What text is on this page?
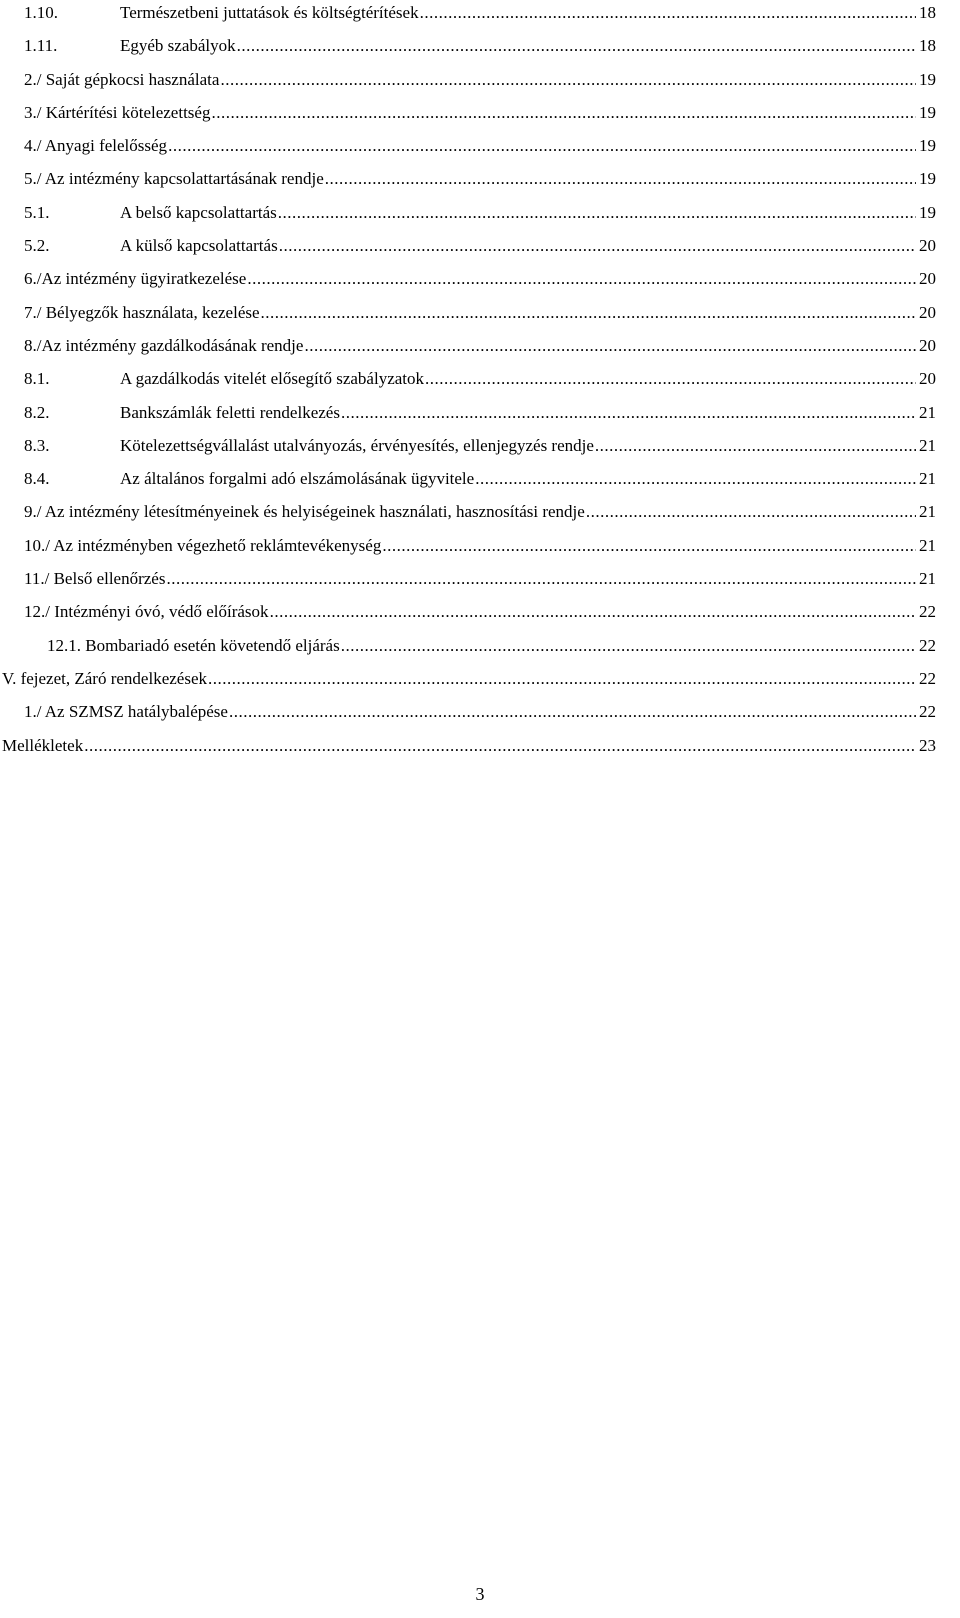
1.10.	Természetbeni juttatások és költségtérítések .....	18
1.11.	Egyéb szabályok .....	18
2./ Saját gépkocsi használata .....	19
3./ Kártérítési kötelezettség .....	19
4./ Anyagi felelősség .....	19
5./ Az intézmény kapcsolattartásának rendje .....	19
5.1.	A belső kapcsolattartás .....	19
5.2.	A külső kapcsolattartás .....	20
6./Az intézmény ügyiratkezelése .....	20
7./ Bélyegzők használata, kezelése .....	20
8./Az intézmény gazdálkodásának rendje .....	20
8.1.	A gazdálkodás vitelét elősegítő szabályzatok .....	20
8.2.	Bankszámlák feletti rendelkezés .....	21
8.3.	Kötelezettségvállalást utalványozás, érvényesítés, ellenjegyzés rendje .....	21
8.4.	Az általános forgalmi adó elszámolásának ügyvitele .....	21
9./ Az intézmény létesítményeinek és helyiségeinek használati, hasznosítási rendje .....	21
10./ Az intézményben végezhető reklámtevékenység .....	21
11./ Belső ellenőrzés .....	21
12./ Intézményi óvó, védő előírások .....	22
12.1. Bombariadó esetén követendő eljárás .....	22
V. fejezet, Záró rendelkezések .....	22
1./ Az SZMSZ hatálybalépése .....	22
Mellékletek .....	23
3
